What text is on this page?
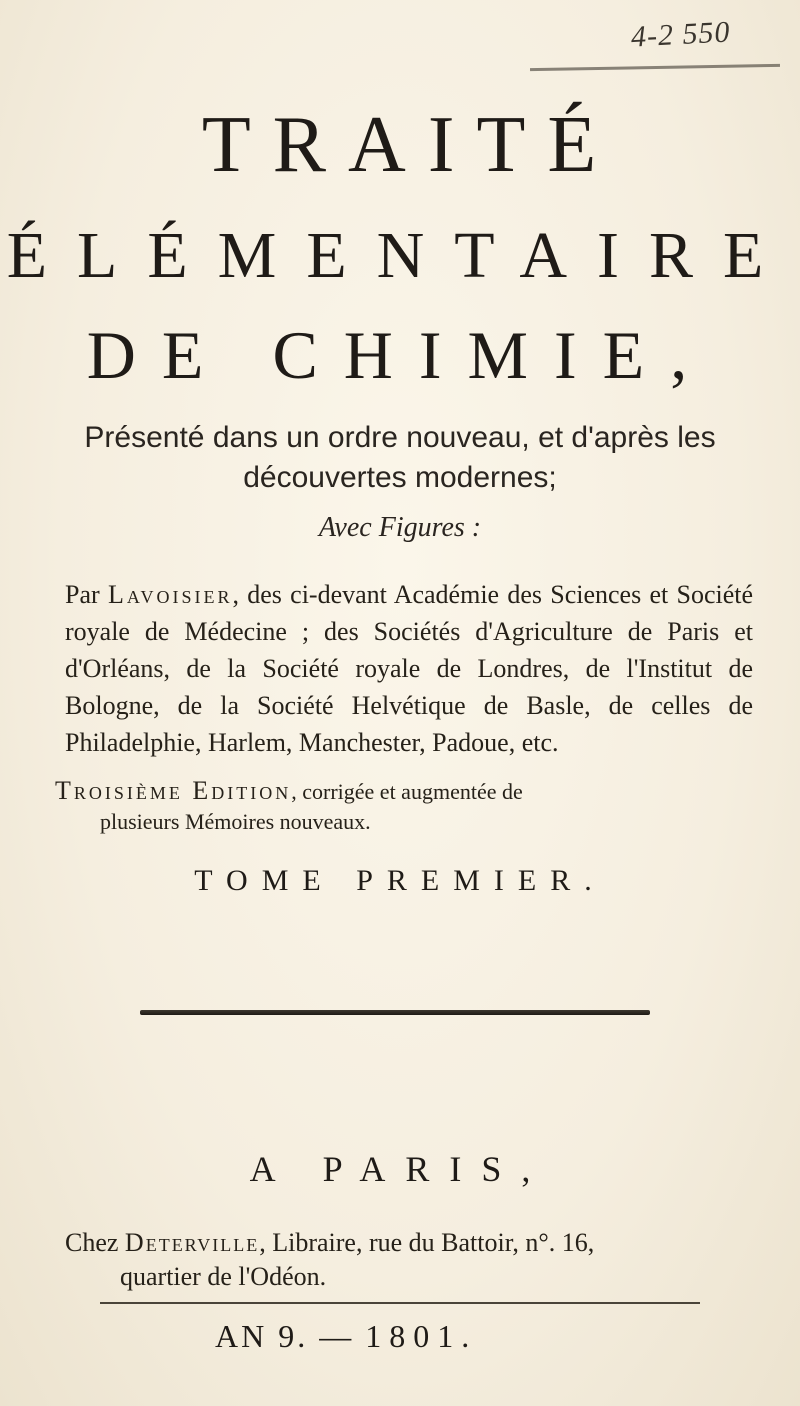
4-2 550
TRAITÉ
ÉLÉMENTAIRE
DE CHIMIE,
Présenté dans un ordre nouveau, et d'après les découvertes modernes;
Avec Figures :
Par Lavoisier, des ci-devant Académie des Sciences et Société royale de Médecine ; des Sociétés d'Agriculture de Paris et d'Orléans, de la Société royale de Londres, de l'Institut de Bologne, de la Société Helvétique de Basle, de celles de Philadelphie, Harlem, Manchester, Padoue, etc.
Troisième Edition, corrigée et augmentée de
plusieurs Mémoires nouveaux.
TOME PREMIER.
A PARIS,
Chez Deterville, Libraire, rue du Battoir, n°. 16,
quartier de l'Odéon.
AN 9. — 1801.
